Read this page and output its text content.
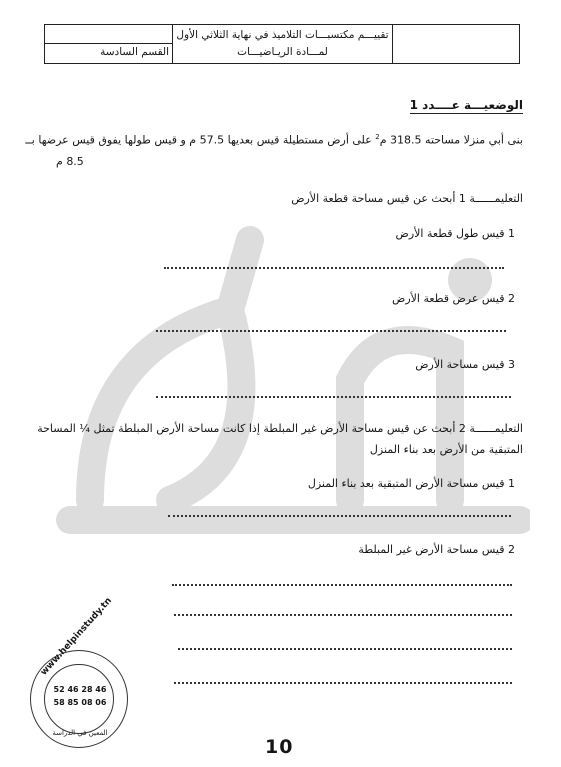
تقييـــم مكتسبـــات التلاميذ في نهاية الثلاثي الأول
لمـــادة الريـاضيـــات
القسم السادسة
الوضعيـــة عــــدد 1
بنى أبي منزلا مساحته 318.5 م$^2$ على أرض مستطيلة قيس بعديها 57.5 م و قيس طولها يفوق قيس عرضها بــ
8.5 م
التعليمــــــة 1 أبحث عن قيس مساحة قطعة الأرض
1 قيس طول قطعة الأرض
2 قيس عرض قطعة الأرض
3 قيس مساحة الأرض
التعليمــــــة 2 أبحث عن قيس مساحة الأرض غير المبلطة إذا كانت مساحة الأرض المبلطة تمثل ¼ المساحة
المتبقية من الأرض بعد بناء المنزل
1 قيس مساحة الأرض المتبقية بعد بناء المنزل
2 قيس مساحة الأرض غير المبلطة
www.helpinstudy.tn
52 46 28 46
58 85 08 06
المعين في الدراسة
10
